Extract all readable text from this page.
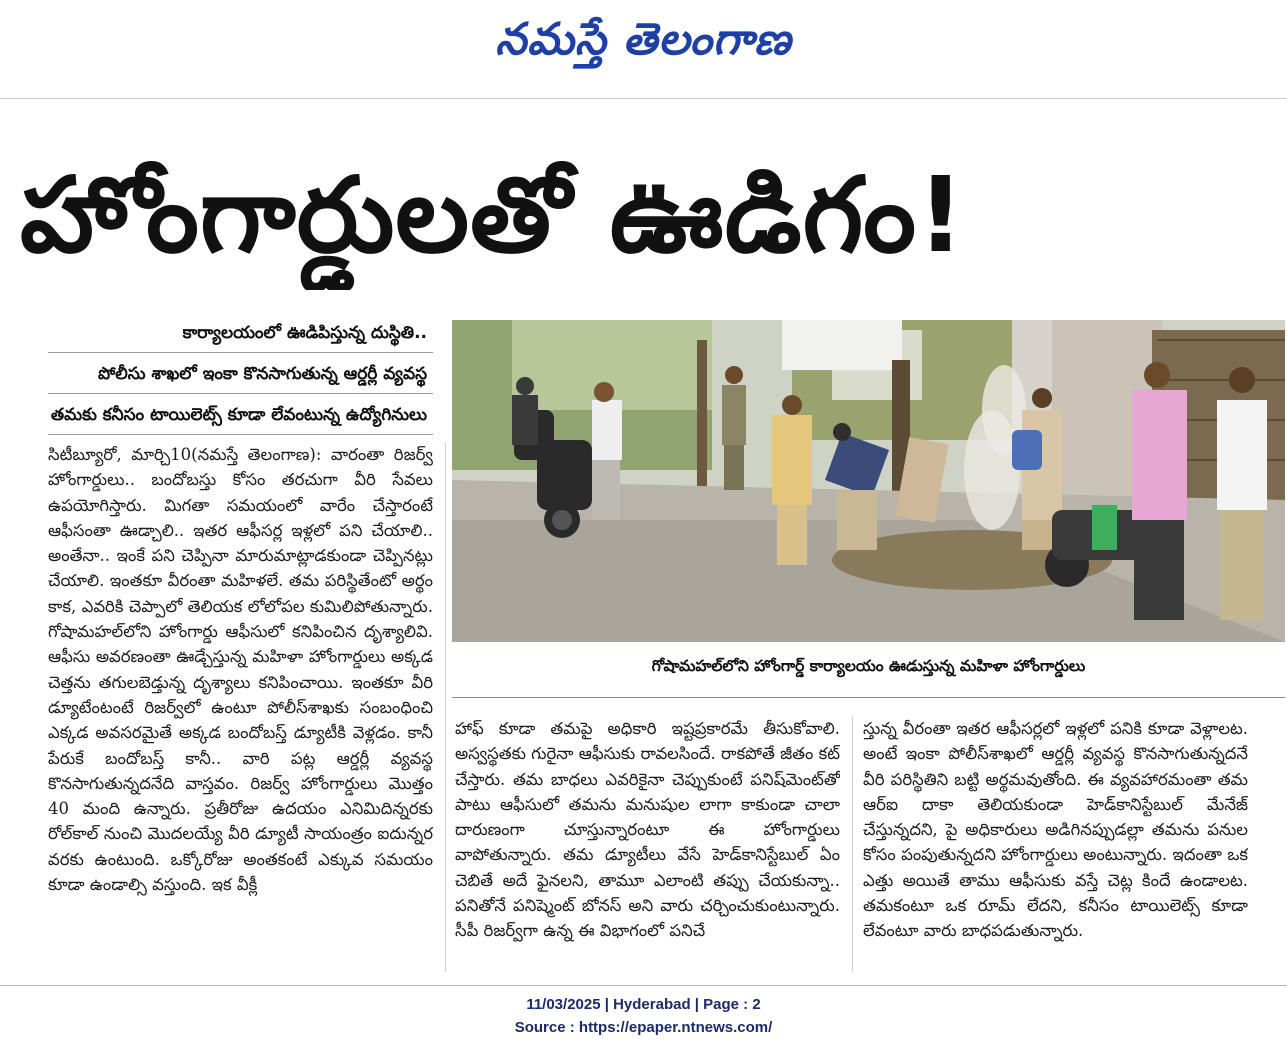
నమస్తే తెలంగాణ
హోంగార్డులతో ఊడిగం!
కార్యాలయంలో ఊడిపిస్తున్న దుస్థితి..
పోలీసు శాఖలో ఇంకా కొనసాగుతున్న ఆర్డర్లీ వ్యవస్థ
తమకు కనీసం టాయిలెట్స్ కూడా లేవంటున్న ఉద్యోగినులు
సిటీబ్యూరో, మార్చి10(నమస్తే తెలంగాణ): వారంతా రిజర్వ్ హోంగార్డులు.. బందోబస్తు కోసం తరచుగా వీరి సేవలు ఉపయోగిస్తారు. మిగతా సమయంలో వారేం చేస్తారంటే ఆఫీసంతా ఊడ్చాలి.. ఇతర ఆఫీసర్ల ఇళ్లలో పని చేయాలి.. అంతేనా.. ఇంకే పని చెప్పినా మారుమాట్లాడకుండా చెప్పినట్లు చేయాలి. ఇంతకూ వీరంతా మహిళలే. తమ పరిస్థితేంటో అర్థం కాక, ఎవరికి చెప్పాలో తెలియక లోలోపల కుమిలిపోతున్నారు. గోషామహల్‌లోని హోంగార్డు ఆఫీసులో కనిపించిన దృశ్యాలివి. ఆఫీసు అవరణంతా ఊడ్చేస్తున్న మహిళా హోంగార్డులు అక్కడ చెత్తను తగులబెడ్తున్న దృశ్యాలు కనిపించాయి. ఇంతకూ వీరి డ్యూటేంటంటే రిజర్వ్‌లో ఉంటూ పోలీస్‌శాఖకు సంబంధించి ఎక్కడ అవసరమైతే అక్కడ బందోబస్త్ డ్యూటీకి వెళ్లడం. కానీ పేరుకే బందోబస్త్ కానీ.. వారి పట్ల ఆర్డర్లీ వ్యవస్థ కొనసాగుతున్నదనేది వాస్తవం. రిజర్వ్ హోంగార్డులు మొత్తం 40 మంది ఉన్నారు. ప్రతీరోజు ఉదయం ఎనిమిదిన్నరకు రోల్‌కాల్ నుంచి మొదలయ్యే వీరి డ్యూటీ సాయంత్రం ఐదున్నర వరకు ఉంటుంది. ఒక్కోరోజు అంతకంటే ఎక్కువ సమయం కూడా ఉండాల్సి వస్తుంది. ఇక వీక్లీ
హాఫ్ కూడా తమపై అధికారి ఇష్టప్రకారమే తీసుకోవాలి. అస్వస్థతకు గురైనా ఆఫీసుకు రావలసిందే. రాకపోతే జీతం కట్ చేస్తారు. తమ బాధలు ఎవరికైనా చెప్పుకుంటే పనిష్‌మెంట్‌తో పాటు ఆఫీసులో తమను మనుషుల లాగా కాకుండా చాలా దారుణంగా చూస్తున్నారంటూ ఈ హోంగార్డులు వాపోతున్నారు. తమ డ్యూటీలు వేసే హెడ్‌కానిస్టేబుల్ ఏం చెబితే అదే ఫైనలని, తామూ ఎలాంటి తప్పు చేయకున్నా.. పనితోనే పనిష్మెంట్ బోనస్ అని వారు చర్చించుకుంటున్నారు. సీపీ రిజర్వ్‌గా ఉన్న ఈ విభాగంలో పనిచే
స్తున్న వీరంతా ఇతర ఆఫీసర్లలో ఇళ్లలో పనికి కూడా వెళ్లాలట. అంటే ఇంకా పోలీస్‌శాఖలో ఆర్డర్లీ వ్యవస్థ కొనసాగుతున్నదనే వీరి పరిస్థితిని బట్టి అర్థమవుతోంది. ఈ వ్యవహారమంతా తమ ఆర్‌ఐ దాకా తెలియకుండా హెడ్‌కానిస్టేబుల్ మేనేజ్ చేస్తున్నదని, పై అధికారులు అడిగినప్పుడల్లా తమను పనుల కోసం పంపుతున్నదని హోంగార్డులు అంటున్నారు. ఇదంతా ఒక ఎత్తు అయితే తాము ఆఫీసుకు వస్తే చెట్ల కిందే ఉండాలట. తమకంటూ ఒక రూమ్ లేదని, కనీసం టాయిలెట్స్ కూడా లేవంటూ వారు బాధపడుతున్నారు.
గోషామహల్‌లోని హోంగార్డ్ కార్యాలయం ఊడుస్తున్న మహిళా హోంగార్డులు
11/03/2025 | Hyderabad | Page : 2
Source : https://epaper.ntnews.com/
